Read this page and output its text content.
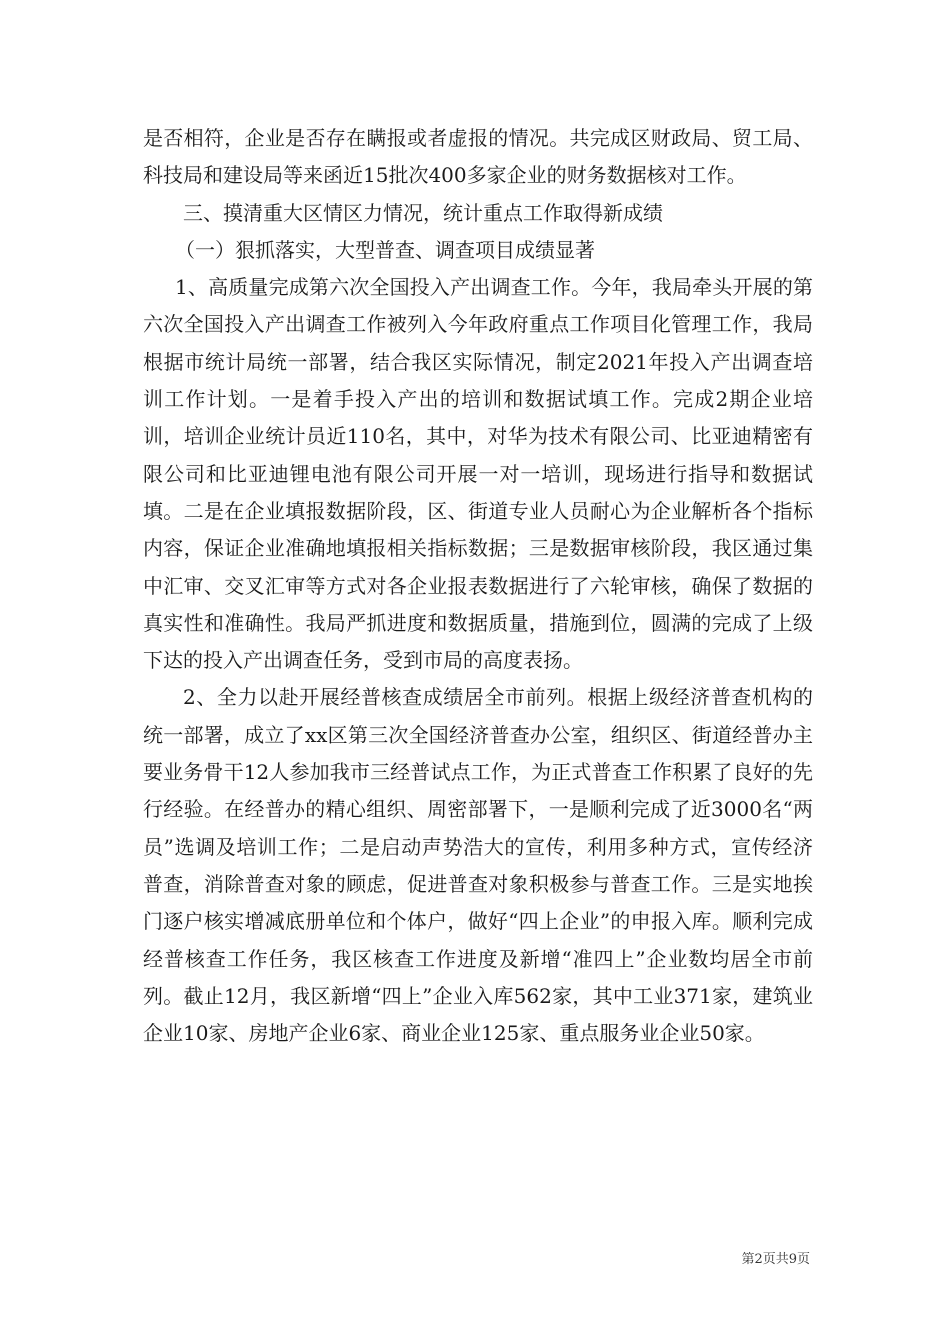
是否相符，企业是否存在瞒报或者虚报的情况。共完成区财政局、贸工局、科技局和建设局等来函近15批次400多家企业的财务数据核对工作。

三、摸清重大区情区力情况，统计重点工作取得新成绩

（一）狠抓落实，大型普查、调查项目成绩显著

1、高质量完成第六次全国投入产出调查工作。今年，我局牵头开展的第六次全国投入产出调查工作被列入今年政府重点工作项目化管理工作，我局根据市统计局统一部署，结合我区实际情况，制定2021年投入产出调查培训工作计划。一是着手投入产出的培训和数据试填工作。完成2期企业培训，培训企业统计员近110名，其中，对华为技术有限公司、比亚迪精密有限公司和比亚迪锂电池有限公司开展一对一培训，现场进行指导和数据试填。二是在企业填报数据阶段，区、街道专业人员耐心为企业解析各个指标内容，保证企业准确地填报相关指标数据；三是数据审核阶段，我区通过集中汇审、交叉汇审等方式对各企业报表数据进行了六轮审核，确保了数据的真实性和准确性。我局严抓进度和数据质量，措施到位，圆满的完成了上级下达的投入产出调查任务，受到市局的高度表扬。

2、全力以赴开展经普核查成绩居全市前列。根据上级经济普查机构的统一部署，成立了xx区第三次全国经济普查办公室，组织区、街道经普办主要业务骨干12人参加我市三经普试点工作，为正式普查工作积累了良好的先行经验。在经普办的精心组织、周密部署下，一是顺利完成了近3000名“两员”选调及培训工作；二是启动声势浩大的宣传，利用多种方式，宣传经济普查，消除普查对象的顾虑，促进普查对象积极参与普查工作。三是实地挨门逐户核实增减底册单位和个体户，做好“四上企业”的申报入库。顺利完成经普核查工作任务，我区核查工作进度及新增“准四上”企业数均居全市前列。截止12月，我区新增“四上”企业入库562家，其中工业371家，建筑业企业10家、房地产企业6家、商业企业125家、重点服务业企业50家。

第2页共9页
